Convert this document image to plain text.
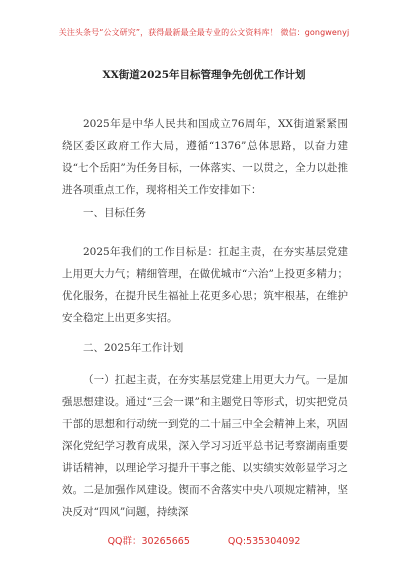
关注头条号“公文研究”，获得最新最全最专业的公文资料库！ 微信：gongwenyj
XX街道2025年目标管理争先创优工作计划

2025年是中华人民共和国成立76周年，XX街道紧紧围绕区委区政府工作大局，遵循“1376”总体思路，以奋力建设“七个岳阳”为任务目标，一体落实、一以贯之，全力以赴推进各项重点工作，现将相关工作安排如下：

一、目标任务

2025年我们的工作目标是：扛起主责，在夯实基层党建上用更大力气；精细管理，在做优城市“六治”上投更多精力；优化服务，在提升民生福祉上花更多心思；筑牢根基，在维护安全稳定上出更多实招。

二、2025年工作计划

（一）扛起主责，在夯实基层党建上用更大力气。一是加强思想建设。通过“三会一课”和主题党日等形式，切实把党员干部的思想和行动统一到党的二十届三中全会精神上来，巩固深化党纪学习教育成果，深入学习习近平总书记考察湖南重要讲话精神，以理论学习提升干事之能、以实绩实效彰显学习之效。二是加强作风建设。锲而不舍落实中央八项规定精神，坚决反对“四风”问题，持续深

QQ群：30265665	QQ:535304092
